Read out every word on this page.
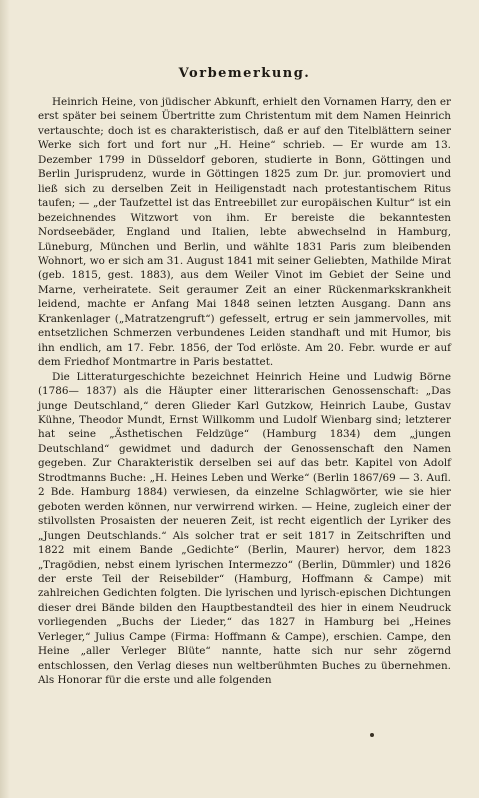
Vorbemerkung.

Heinrich Heine, von jüdischer Abkunft, erhielt den Vornamen Harry, den er erst später bei seinem Übertritte zum Christentum mit dem Namen Heinrich vertauschte; doch ist es charakteristisch, daß er auf den Titelblättern seiner Werke sich fort und fort nur „H. Heine“ schrieb. — Er wurde am 13. Dezember 1799 in Düsseldorf geboren, studierte in Bonn, Göttingen und Berlin Jurisprudenz, wurde in Göttingen 1825 zum Dr. jur. promoviert und ließ sich zu derselben Zeit in Heiligenstadt nach protestantischem Ritus taufen; — „der Taufzettel ist das Entreebillet zur europäischen Kultur“ ist ein bezeichnendes Witzwort von ihm. Er bereiste die bekanntesten Nordseebäder, England und Italien, lebte abwechselnd in Hamburg, Lüneburg, München und Berlin, und wählte 1831 Paris zum bleibenden Wohnort, wo er sich am 31. August 1841 mit seiner Geliebten, Mathilde Mirat (geb. 1815, gest. 1883), aus dem Weiler Vinot im Gebiet der Seine und Marne, verheiratete. Seit geraumer Zeit an einer Rückenmarkskrankheit leidend, machte er Anfang Mai 1848 seinen letzten Ausgang. Dann ans Krankenlager („Matratzengruft“) gefesselt, ertrug er sein jammervolles, mit entsetzlichen Schmerzen verbundenes Leiden standhaft und mit Humor, bis ihn endlich, am 17. Febr. 1856, der Tod erlöste. Am 20. Febr. wurde er auf dem Friedhof Montmartre in Paris bestattet.

Die Litteraturgeschichte bezeichnet Heinrich Heine und Ludwig Börne (1786— 1837) als die Häupter einer litterarischen Genossenschaft: „Das junge Deutschland,“ deren Glieder Karl Gutzkow, Heinrich Laube, Gustav Kühne, Theodor Mundt, Ernst Willkomm und Ludolf Wienbarg sind; letzterer hat seine „Ästhetischen Feldzüge“ (Hamburg 1834) dem „jungen Deutschland“ gewidmet und dadurch der Genossenschaft den Namen gegeben. Zur Charakteristik derselben sei auf das betr. Kapitel von Adolf Strodtmanns Buche: „H. Heines Leben und Werke“ (Berlin 1867/69 — 3. Aufl. 2 Bde. Hamburg 1884) verwiesen, da einzelne Schlagwörter, wie sie hier geboten werden können, nur verwirrend wirken. — Heine, zugleich einer der stilvollsten Prosaisten der neueren Zeit, ist recht eigentlich der Lyriker des „Jungen Deutschlands.“ Als solcher trat er seit 1817 in Zeitschriften und 1822 mit einem Bande „Gedichte“ (Berlin, Maurer) hervor, dem 1823 „Tragödien, nebst einem lyrischen Intermezzo“ (Berlin, Dümmler) und 1826 der erste Teil der Reisebilder“ (Hamburg, Hoffmann & Campe) mit zahlreichen Gedichten folgten. Die lyrischen und lyrisch-epischen Dichtungen dieser drei Bände bilden den Hauptbestandteil des hier in einem Neudruck vorliegenden „Buchs der Lieder,“ das 1827 in Hamburg bei „Heines Verleger,“ Julius Campe (Firma: Hoffmann & Campe), erschien. Campe, den Heine „aller Verleger Blüte“ nannte, hatte sich nur sehr zögernd entschlossen, den Verlag dieses nun weltberühmten Buches zu übernehmen. Als Honorar für die erste und alle folgenden
